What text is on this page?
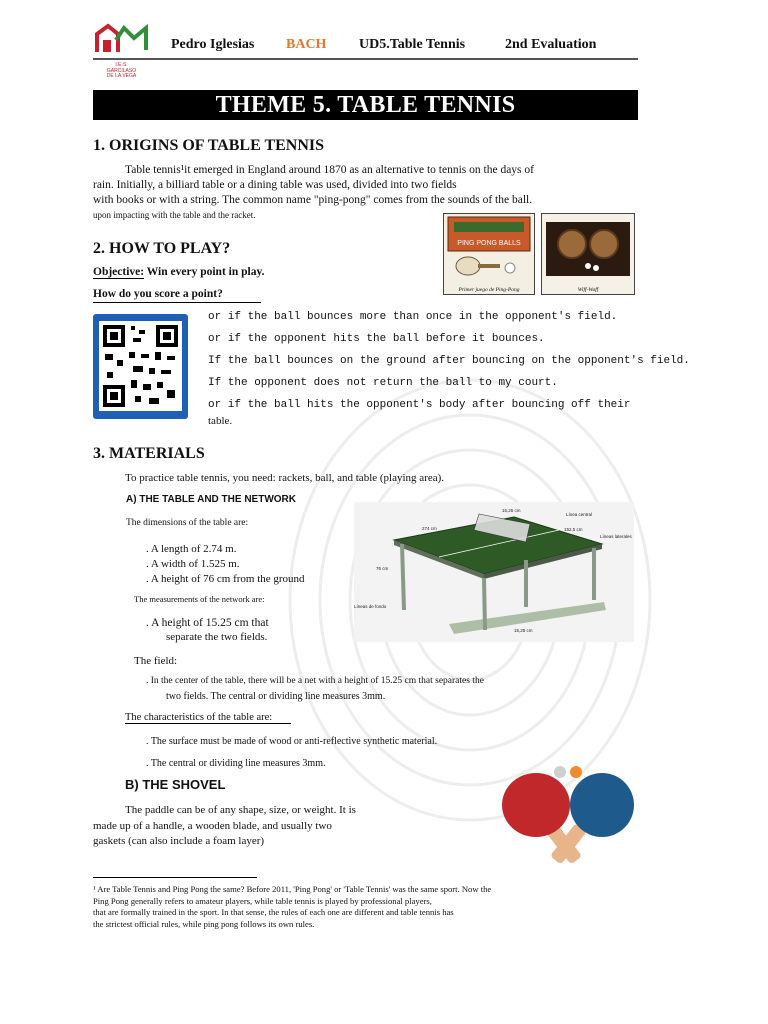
I.E.S.
GARCILASO
DE LA VEGA
Pedro Iglesias BACH UD5.Table Tennis	2nd Evaluation
THEME 5. TABLE TENNIS
1. ORIGINS OF TABLE TENNIS
Table tennis¹it emerged in England around 1870 as an alternative to tennis on the days of
rain. Initially, a billiard table or a dining table was used, divided into two fields
with books or with a string. The common name "ping-pong" comes from the sounds of the ball.
upon impacting with the table and the racket.
PING PONG BALLS
Primer juego de Ping-Pong	Wiff-Waff
2. HOW TO PLAY?
Objective: Win every point in play.
How do you score a point?
or if the ball bounces more than once in the opponent's field.
or if the opponent hits the ball before it bounces.
If the ball bounces on the ground after bouncing on the opponent's field.
If the opponent does not return the ball to my court.
or if the ball hits the opponent's body after bouncing off their
table.
3. MATERIALS
To practice table tennis, you need: rackets, ball, and table (playing area).
A) THE TABLE AND THE NETWORK
The dimensions of the table are:
. A length of 2.74 m.
. A width of 1.525 m.
. A height of 76 cm from the ground
The measurements of the network are:
. A height of 15.25 cm that
separate the two fields.
The field:
. In the center of the table, there will be a net with a height of 15.25 cm that separates the
two fields. The central or dividing line measures 3mm.
The characteristics of the table are:
. The surface must be made of wood or anti-reflective synthetic material.
. The central or dividing line measures 3mm.
15,25 cm
Línea central
274 cm	152,5 cm
Líneas laterales
76 cm
Líneas de fondo
15,25 cm
B) THE SHOVEL
The paddle can be of any shape, size, or weight. It is
made up of a handle, a wooden blade, and usually two
gaskets (can also include a foam layer)
¹ Are Table Tennis and Ping Pong the same? Before 2011, 'Ping Pong' or 'Table Tennis' was the same sport. Now the
Ping Pong generally refers to amateur players, while table tennis is played by professional players,
that are formally trained in the sport. In that sense, the rules of each one are different and table tennis has
the strictest official rules, while ping pong follows its own rules.
